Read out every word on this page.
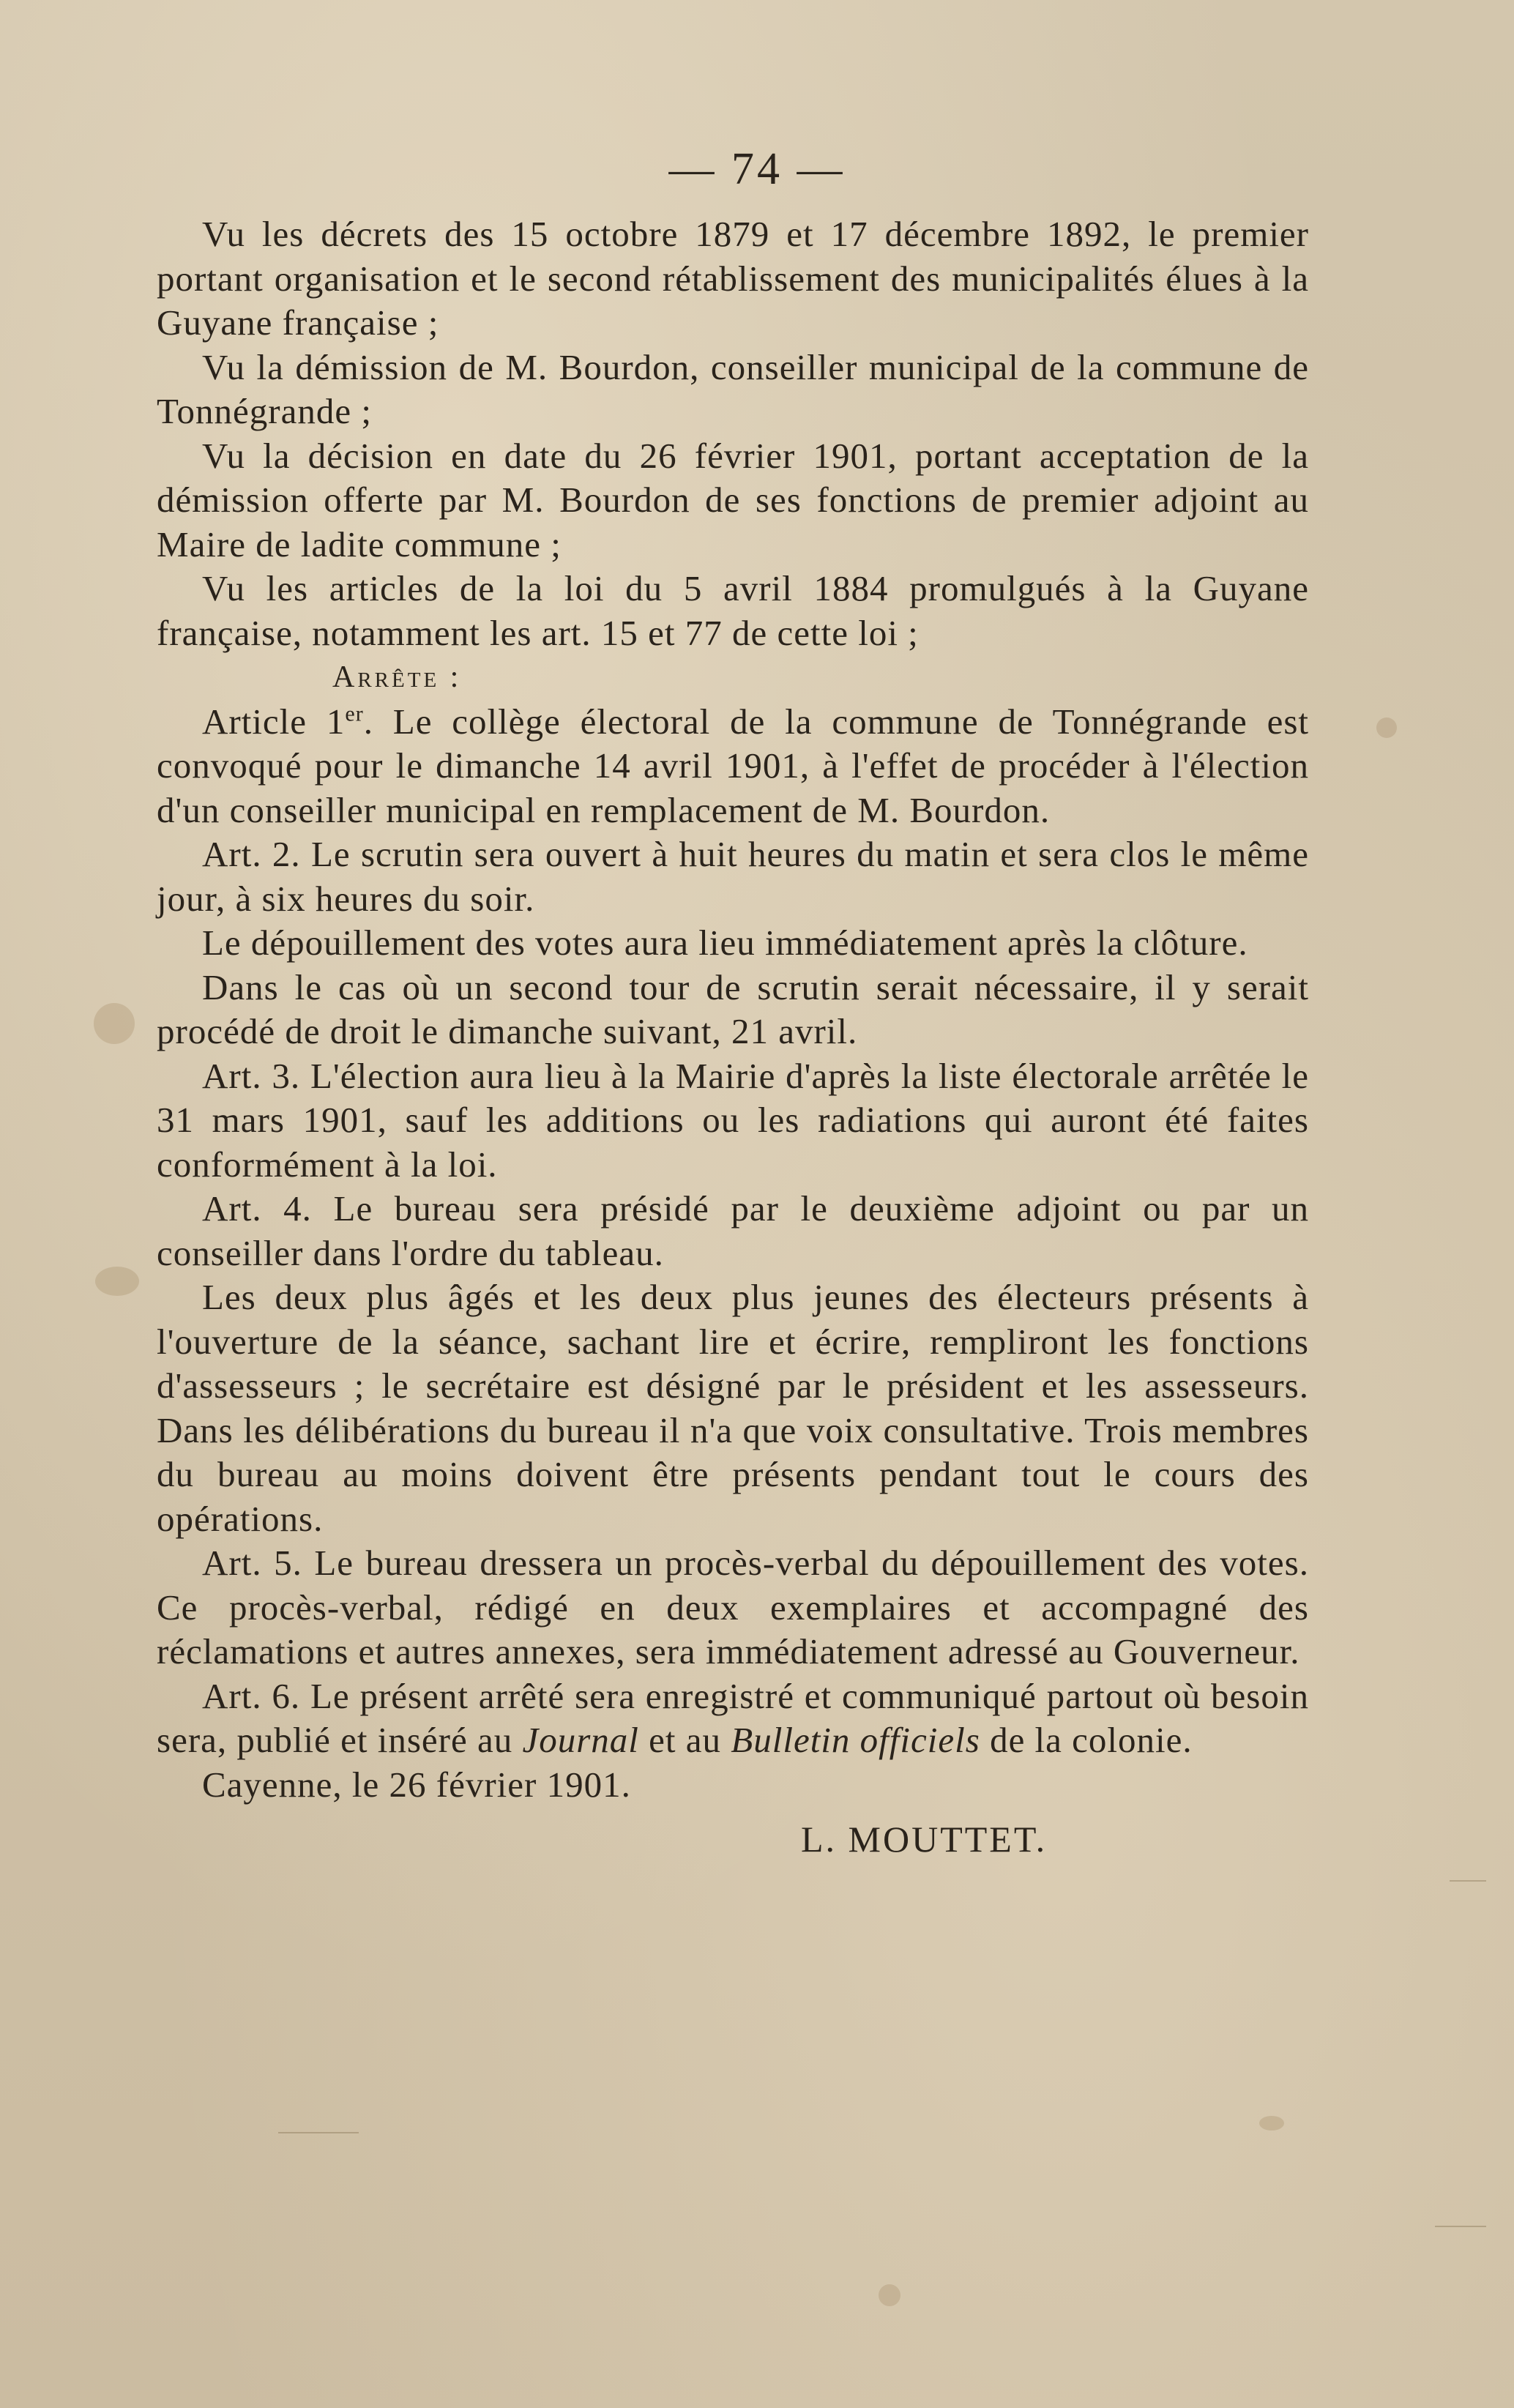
— 74 —

Vu les décrets des 15 octobre 1879 et 17 décembre 1892, le premier portant organisation et le second rétablissement des municipalités élues à la Guyane française ;

Vu la démission de M. Bourdon, conseiller municipal de la commune de Tonnégrande ;

Vu la décision en date du 26 février 1901, portant acceptation de la démission offerte par M. Bourdon de ses fonctions de premier adjoint au Maire de ladite commune ;

Vu les articles de la loi du 5 avril 1884 promulgués à la Guyane française, notamment les art. 15 et 77 de cette loi ;

Arrête :

Article 1er. Le collège électoral de la commune de Tonnégrande est convoqué pour le dimanche 14 avril 1901, à l'effet de procéder à l'élection d'un conseiller municipal en remplacement de M. Bourdon.

Art. 2. Le scrutin sera ouvert à huit heures du matin et sera clos le même jour, à six heures du soir.

Le dépouillement des votes aura lieu immédiatement après la clôture.

Dans le cas où un second tour de scrutin serait nécessaire, il y serait procédé de droit le dimanche suivant, 21 avril.

Art. 3. L'élection aura lieu à la Mairie d'après la liste électorale arrêtée le 31 mars 1901, sauf les additions ou les radiations qui auront été faites conformément à la loi.

Art. 4. Le bureau sera présidé par le deuxième adjoint ou par un conseiller dans l'ordre du tableau.

Les deux plus âgés et les deux plus jeunes des électeurs présents à l'ouverture de la séance, sachant lire et écrire, rempliront les fonctions d'assesseurs ; le secrétaire est désigné par le président et les assesseurs. Dans les délibérations du bureau il n'a que voix consultative. Trois membres du bureau au moins doivent être présents pendant tout le cours des opérations.

Art. 5. Le bureau dressera un procès-verbal du dépouillement des votes. Ce procès-verbal, rédigé en deux exemplaires et accompagné des réclamations et autres annexes, sera immédiatement adressé au Gouverneur.

Art. 6. Le présent arrêté sera enregistré et communiqué partout où besoin sera, publié et inséré au Journal et au Bulletin officiels de la colonie.

Cayenne, le 26 février 1901.

L. MOUTTET.
